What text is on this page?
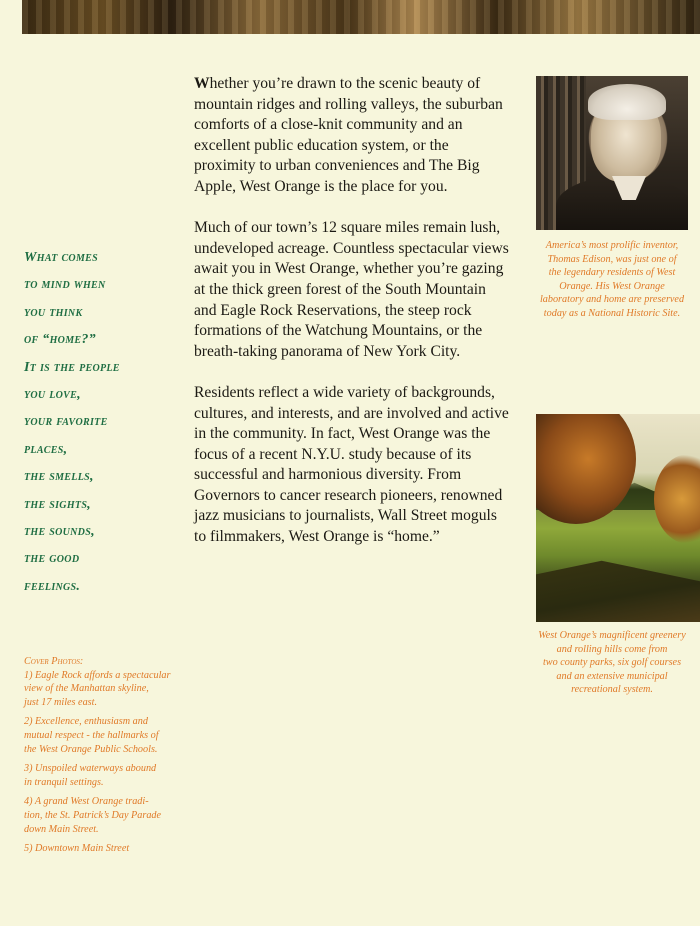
What comes
to mind when
you think
of “home?”
It is the people
you love,
your favorite
places,
the smells,
the sights,
the sounds,
the good
feelings.

Whether you’re drawn to the scenic beauty of mountain ridges and rolling valleys, the suburban comforts of a close-knit community and an excellent public education system, or the proximity to urban conveniences and The Big Apple, West Orange is the place for you.

Much of our town’s 12 square miles remain lush, undeveloped acreage. Countless spectacular views await you in West Orange, whether you’re gazing at the thick green forest of the South Mountain and Eagle Rock Reservations, the steep rock formations of the Watchung Mountains, or the breath-taking panorama of New York City.

Residents reflect a wide variety of backgrounds, cultures, and interests, and are involved and active in the community. In fact, West Orange was the focus of a recent N.Y.U. study because of its successful and harmonious diversity. From Governors to cancer research pioneers, renowned jazz musicians to journalists, Wall Street moguls to filmmakers, West Orange is “home.”

America’s most prolific inventor,
Thomas Edison, was just one of
the legendary residents of West
Orange. His West Orange
laboratory and home are preserved
today as a National Historic Site.
West Orange’s magnificent greenery
and rolling hills come from
two county parks, six golf courses
and an extensive municipal
recreational system.
Cover Photos:
1) Eagle Rock affords a spectacular
view of the Manhattan skyline,
just 17 miles east.
2) Excellence, enthusiasm and
mutual respect - the hallmarks of
the West Orange Public Schools.
3) Unspoiled waterways abound
in tranquil settings.
4) A grand West Orange tradi-
tion, the St. Patrick’s Day Parade
down Main Street.
5) Downtown Main Street
